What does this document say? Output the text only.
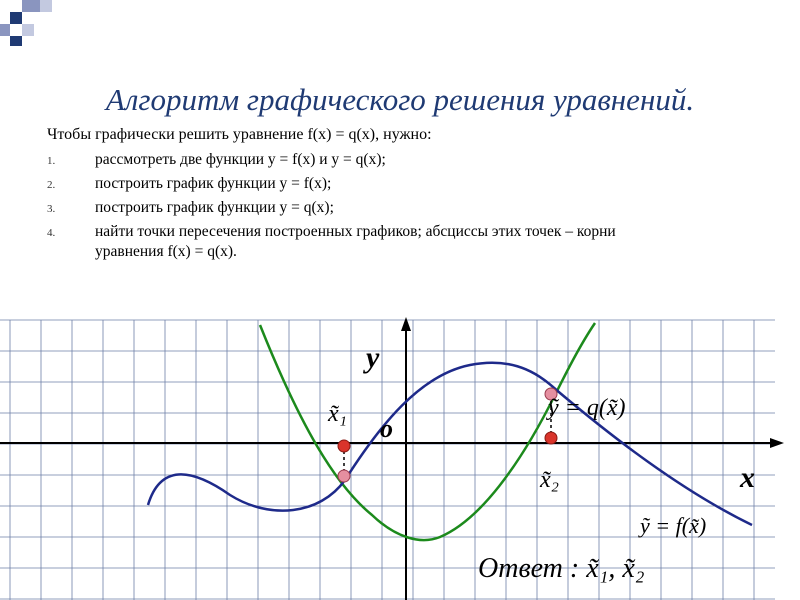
Алгоритм графического решения уравнений.
Чтобы графически решить уравнение f(x) = q(x), нужно:
1.	рассмотреть две функции у = f(x) и у = q(x);
2.	построить график функции у = f(x);
3.	построить график функции у = q(x);
4.	найти точки пересечения построенных графиков; абсциссы этих точек – корни уравнения f(x) = q(x).
y
x
o
x̃₁
x̃₂
ỹ = q(x̃)
ỹ = f(x̃)
Ответ : x̃₁, x̃₂
